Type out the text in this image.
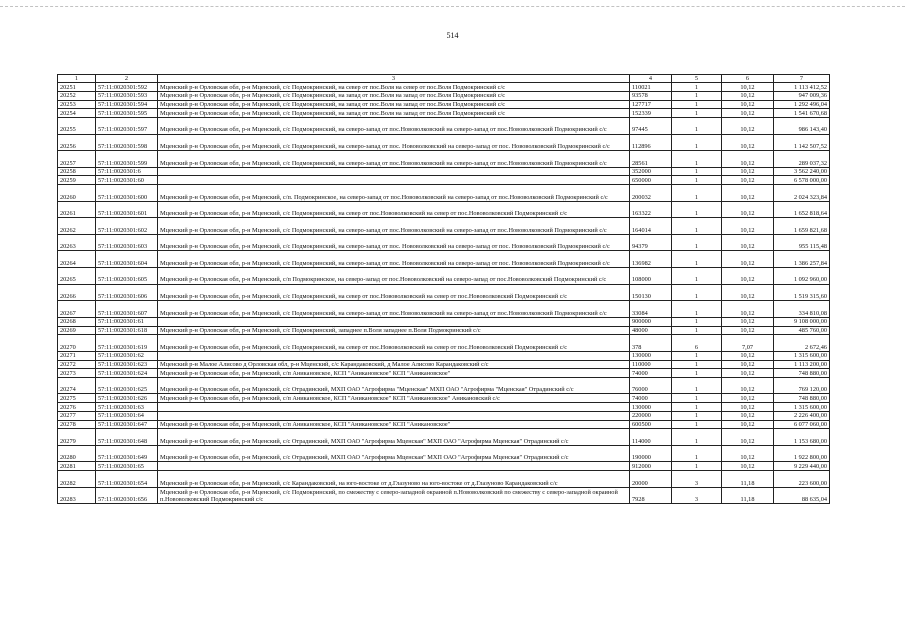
514
1	2	3	4	5	6	7
20251	57:11:0020301:592	Мценский р-н Орловская обл, р-н Мценский, с/с Подмокринский, на север от пос.Воля на север от пос.Воля Подмокринский с/с	110021	1	10,12	1 113 412,52
20252	57:11:0020301:593	Мценский р-н Орловская обл, р-н Мценский, с/с Подмокринский, на запад от пос.Воля на запад от пос.Воля Подмокринский с/с	93578	1	10,12	947 009,36
20253	57:11:0020301:594	Мценский р-н Орловская обл, р-н Мценский, с/с Подмокринский, на запад от пос.Воля на запад от пос.Воля Подмокринский с/с	127717	1	10,12	1 292 496,04
20254	57:11:0020301:595	Мценский р-н Орловская обл, р-н Мценский, с/с Подмокринский, на запад от пос.Воля на запад от пос.Воля Подмокринский с/с	152339	1	10,12	1 541 670,68
20255	57:11:0020301:597	Мценский р-н Орловская обл, р-н Мценский, с/с Подмокринский, на северо-запад от пос.Нововолковский на северо-запад от пос.Нововолковский Подмокринский с/с	97445	1	10,12	986 143,40
20256	57:11:0020301:598	Мценский р-н Орловская обл, р-н Мценский, с/с Подмокринский, на северо-запад от пос. Нововолковский на северо-запад от пос. Нововолковский Подмокринский с/с	112896	1	10,12	1 142 507,52
20257	57:11:0020301:599	Мценский р-н Орловская обл, р-н Мценский, с/с Подмокринский, на северо-запад от пос.Нововолковский на северо-запад от пос.Нововолковский Подмокринский с/с	28561	1	10,12	289 037,32
20258	57:11:0020301:6		352000	1	10,12	3 562 240,00
20259	57:11:0020301:60		650000	1	10,12	6 578 000,00
20260	57:11:0020301:600	Мценский р-н Орловская обл, р-н Мценский, с/п. Подмокринское, на северо-запад от пос.Нововолковский на северо-запад от пос.Нововолковский Подмокринский с/с	200032	1	10,12	2 024 323,84
20261	57:11:0020301:601	Мценский р-н Орловская обл, р-н Мценский, с/с Подмокринский, на север от пос.Нововолковский на север от пос.Нововолковский Подмокринский с/с	163322	1	10,12	1 652 818,64
20262	57:11:0020301:602	Мценский р-н Орловская обл, р-н Мценский, с/с Подмокринский, на северо-запад от пос.Нововолковский на северо-запад от пос.Нововолковский Подмокринский с/с	164014	1	10,12	1 659 821,68
20263	57:11:0020301:603	Мценский р-н Орловская обл, р-н Мценский, с/с Подмокринский, на северо-запад от пос. Нововолковский на северо-запад от пос. Нововолковский Подмокринский с/с	94379	1	10,12	955 115,48
20264	57:11:0020301:604	Мценский р-н Орловская обл, р-н Мценский, с/с Подмокринский, на северо-запад от пос. Нововолковский на северо-запад от пос. Нововолковский Подмокринский с/с	136982	1	10,12	1 386 257,84
20265	57:11:0020301:605	Мценский р-н Орловская обл, р-н Мценский, с/п Подмокринское, на северо-запад от пос.Нововолковский на северо-запад от пос.Нововолковский Подмокринский с/с	108000	1	10,12	1 092 960,00
20266	57:11:0020301:606	Мценский р-н Орловская обл, р-н Мценский, с/с Подмокринский, на север от пос.Нововолковский на север от пос.Нововолковский Подмокринский с/с	150130	1	10,12	1 519 315,60
20267	57:11:0020301:607	Мценский р-н Орловская обл, р-н Мценский, с/с Подмокринский, на северо-запад от пос.Нововолковский на северо-запад от пос.Нововолковский Подмокринский с/с	33084	1	10,12	334 810,08
20268	57:11:0020301:61		900000	1	10,12	9 108 000,00
20269	57:11:0020301:618	Мценский р-н Орловская обл, р-н Мценский, с/с Подмокринский, западнее п.Воля западнее п.Воля Подмокринский с/с	48000	1	10,12	485 760,00
20270	57:11:0020301:619	Мценский р-н Орловская обл, р-н Мценский, с/с Подмокринский, на север от пос.Нововолковский на север от пос.Нововолковский Подмокринский с/с	378	6	7,07	2 672,46
20271	57:11:0020301:62		130000	1	10,12	1 315 600,00
20272	57:11:0020301:623	Мценский р-н Малое Алисово д Орловская обл, р-н Мценский, с/с Карандаковский, д Малое Алисово Карандаковский с/с	110000	1	10,12	1 113 200,00
20273	57:11:0020301:624	Мценский р-н Орловская обл, р-н Мценский, с/п Аникановское, КСП "Аникановское" КСП "Аникановское"	74000	1	10,12	748 880,00
20274	57:11:0020301:625	Мценский р-н Орловская обл, р-н Мценский, с/с Отрадинский, МХП ОАО "Агрофирма "Мценская" МХП ОАО "Агрофирма "Мценская" Отрадинский с/с	76000	1	10,12	769 120,00
20275	57:11:0020301:626	Мценский р-н Орловская обл, р-н Мценский, с/п Аникановское, КСП "Аникановское" КСП "Аникановское" Аникановский с/с	74000	1	10,12	748 880,00
20276	57:11:0020301:63		130000	1	10,12	1 315 600,00
20277	57:11:0020301:64		220000	1	10,12	2 226 400,00
20278	57:11:0020301:647	Мценский р-н Орловская обл, р-н Мценский, с/п Аникановское, КСП "Аникановское" КСП "Аникановское"	600500	1	10,12	6 077 060,00
20279	57:11:0020301:648	Мценский р-н Орловская обл, р-н Мценский, с/с Отрадинский, МХП ОАО "Агрофирма Мценская" МХП ОАО "Агрофирма Мценская" Отрадинский с/с	114000	1	10,12	1 153 680,00
20280	57:11:0020301:649	Мценский р-н Орловская обл, р-н Мценский, с/с Отрадинский, МХП ОАО "Агрофирма Мценская" МХП ОАО "Агрофирма Мценская" Отрадинский с/с	190000	1	10,12	1 922 800,00
20281	57:11:0020301:65		912000	1	10,12	9 229 440,00
20282	57:11:0020301:654	Мценский р-н Орловская обл, р-н Мценский, с/с Карандаковский, на юго-востоке от д.Глазуново на юго-востоке от д.Глазуново Карандаковский с/с	20000	3	11,18	223 600,00
20283	57:11:0020301:656	Мценский р-н Орловская обл, р-н Мценский, с/с Подмокринский, по смежеству с северо-западной окраиной п.Нововолковский по смежеству с северо-западной окраиной п.Нововолковский Подмокринский с/с	7928	3	11,18	88 635,04
